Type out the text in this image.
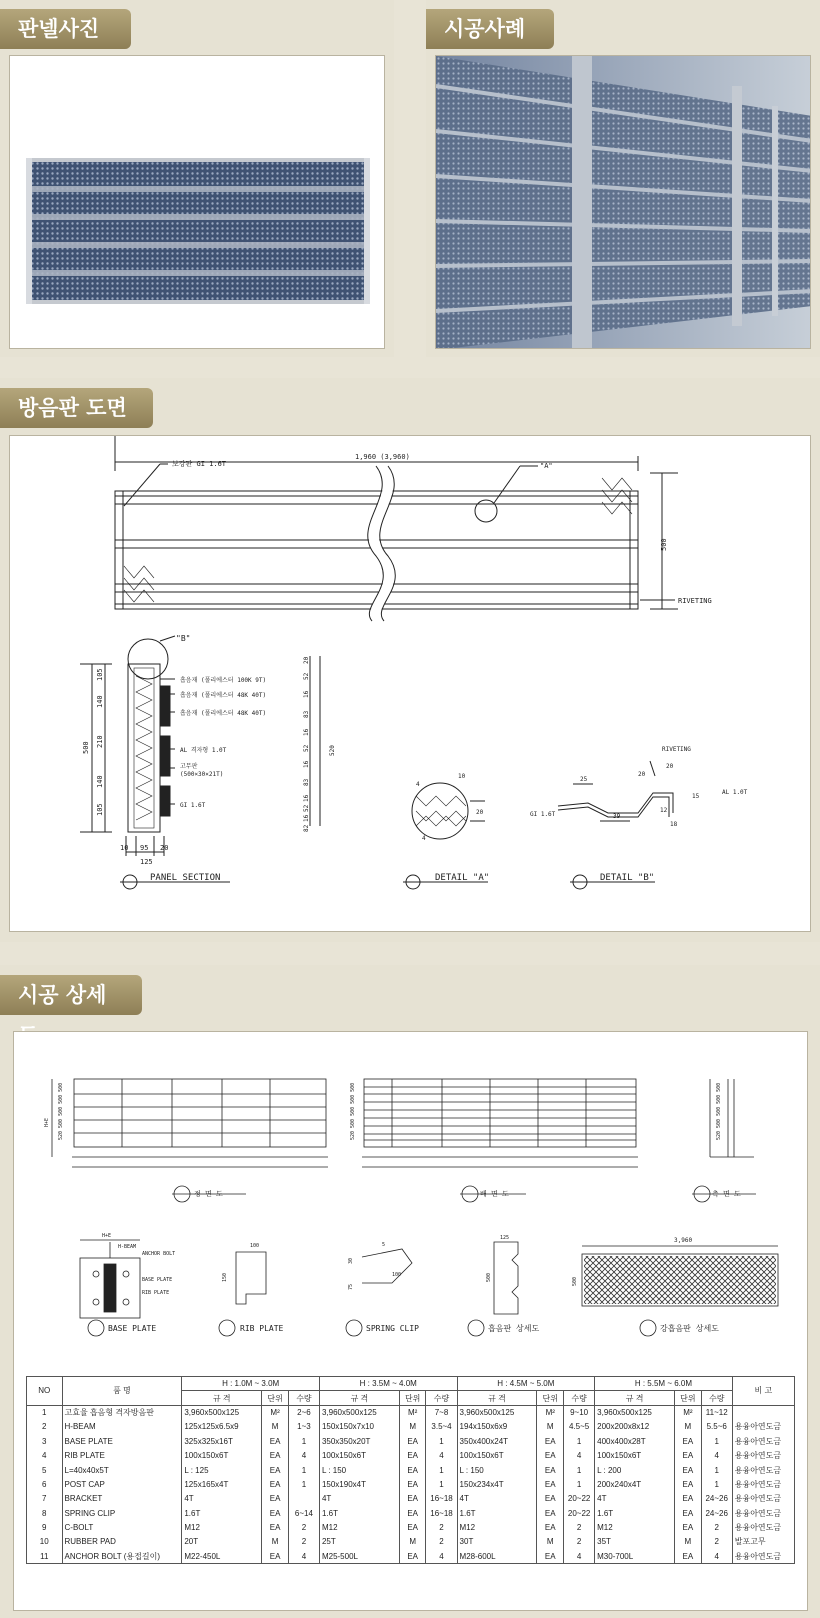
판넬사진	시공사례
방음판 도면
1,960 (3,960)
보강판 GI 1.6T	"A"
500
RIVETING
"B"
흡음재 (폴리에스터 100K 9T)
흡음재 (폴리에스터 48K 40T)
흡음재 (폴리에스터 48K 40T)
AL 격자형 1.0T
고무판
(500×30×21T)
GI 1.6T
105
140
210
140
105
500
10 95 20
125
20
52
16
83
16
52
16
83
16
52
16
82
520
10
4
20
4
25
39
20
20
12
18
15
RIVETING
AL 1.0T
GI 1.6T
PANEL SECTION	DETAIL "A"	DETAIL "B"
시공 상세
정 면 도	배 면 도	측 면 도
520 500 500 500 500
H+E	520 500 500 500 500	520 500 500 500 500
H+E
H-BEAM
ANCHOR BOLT
BASE PLATE
RIB PLATE
100
150
5
30
75
100
125
500
3,960
500
BASE PLATE	RIB PLATE	SPRING CLIP	흡음판 상세도	강흡음판 상세도
NO	품 명	H : 1.0M ~ 3.0M			H : 3.5M ~ 4.0M			H : 4.5M ~ 5.0M			H : 5.5M ~ 6.0M			비 고
		규 격	단위	수량	규 격	단위	수량	규 격	단위	수량	규 격	단위	수량	
1	고효율 흡음형 격자방음판	3,960x500x125	M²	2~6	3,960x500x125	M²	7~8	3,960x500x125	M²	9~10	3,960x500x125	M²	11~12	
2	H-BEAM	125x125x6.5x9	M	1~3	150x150x7x10	M	3.5~4	194x150x6x9	M	4.5~5	200x200x8x12	M	5.5~6	용융아연도금
3	BASE PLATE	325x325x16T	EA	1	350x350x20T	EA	1	350x400x24T	EA	1	400x400x28T	EA	1	용융아연도금
4	RIB PLATE	100x150x6T	EA	4	100x150x6T	EA	4	100x150x6T	EA	4	100x150x6T	EA	4	용융아연도금
5	L=40x40x5T	L : 125	EA	1	L : 150	EA	1	L : 150	EA	1	L : 200	EA	1	용융아연도금
6	POST CAP	125x165x4T	EA	1	150x190x4T	EA	1	150x234x4T	EA	1	200x240x4T	EA	1	용융아연도금
7	BRACKET	4T	EA		4T	EA	16~18	4T	EA	20~22	4T	EA	24~26	용융아연도금
8	SPRING CLIP	1.6T	EA	6~14	1.6T	EA	16~18	1.6T	EA	20~22	1.6T	EA	24~26	용융아연도금
9	C-BOLT	M12	EA	2	M12	EA	2	M12	EA	2	M12	EA	2	용융아연도금
10	RUBBER PAD	20T	M	2	25T	M	2	30T	M	2	35T	M	2	발포고무
11	ANCHOR BOLT (용접길이)	M22-450L	EA	4	M25-500L	EA	4	M28-600L	EA	4	M30-700L	EA	4	용융아연도금
